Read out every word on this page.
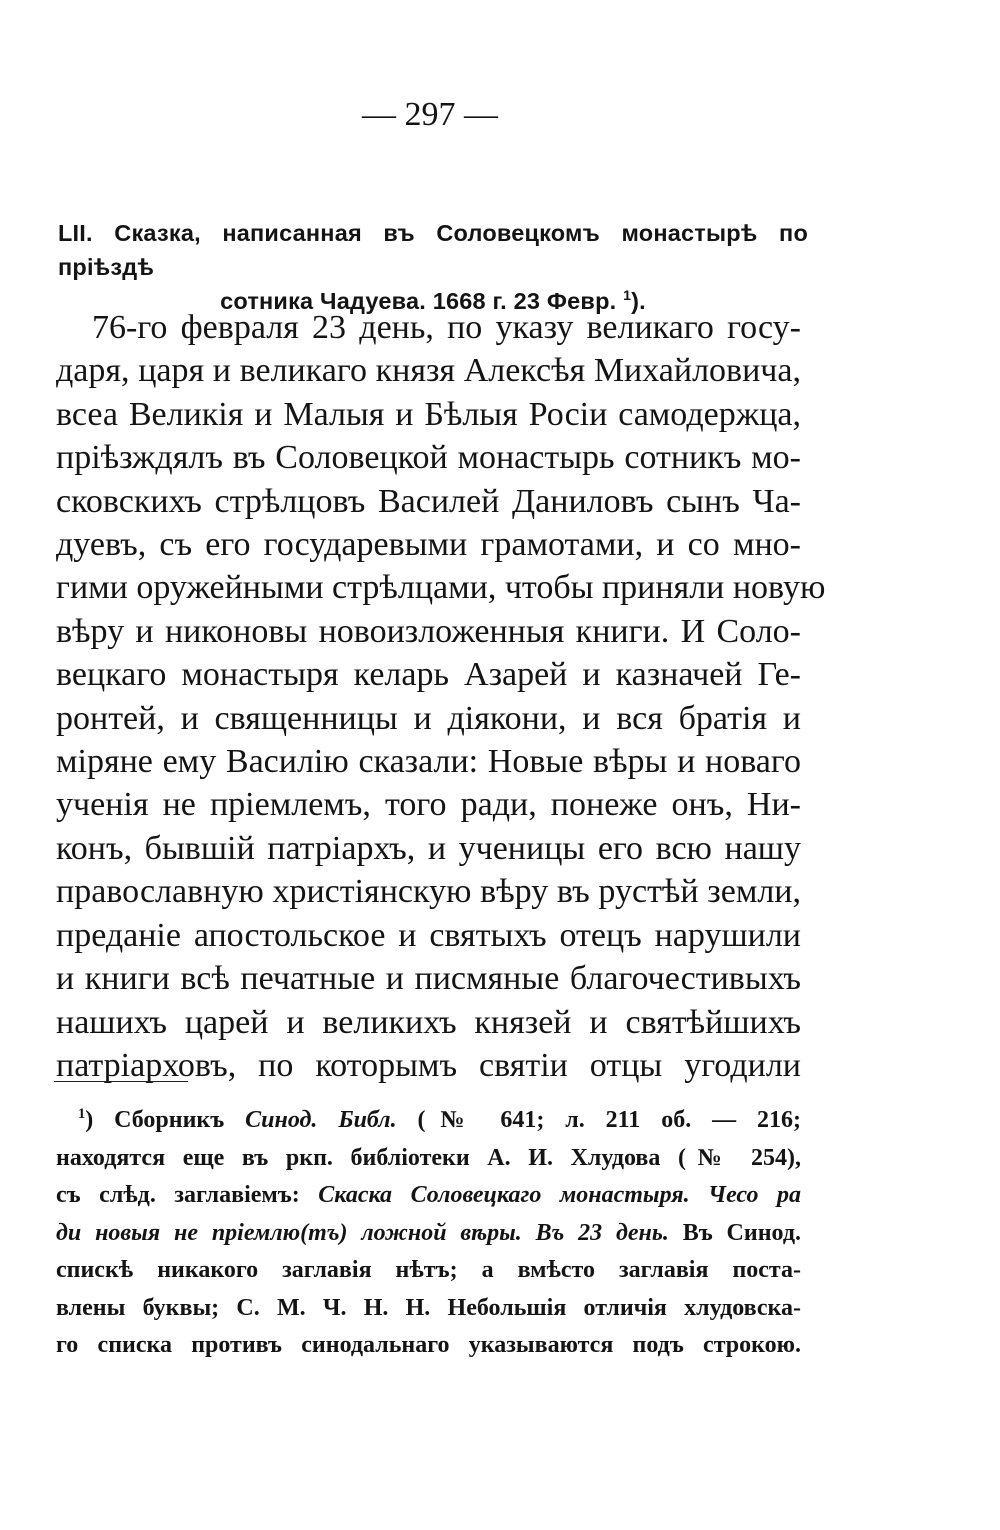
— 297 —
LII. Сказка, написанная въ Соловецкомъ монастырѣ по пріѣздѣ
сотника Чадуева. 1668 г. 23 Февр. $^1$).
76-го февраля 23 день, по указу великаго госу-
даря, царя и великаго князя Алексѣя Михайловича,
всеа Великія и Малыя и Бѣлыя Росіи самодержца,
пріѣзждялъ въ Соловецкой монастырь сотникъ мо-
сковскихъ стрѣлцовъ Василей Даниловъ сынъ Ча-
дуевъ, съ его государевыми грамотами, и со мно-
гими оружейными стрѣлцами, чтобы приняли новую
вѣру и никоновы новоизложенныя книги. И Соло-
вецкаго монастыря келарь Азарей и казначей Ге-
ронтей, и священницы и діякони, и вся братія и
міряне ему Василію сказали: Новые вѣры и новаго
ученія не пріемлемъ, того ради, понеже онъ, Ни-
конъ, бывшій патріархъ, и ученицы его всю нашу
православную христіянскую вѣру въ рустѣй земли,
преданіе апостольское и святыхъ отецъ нарушили
и книги всѣ печатные и писмяные благочестивыхъ
нашихъ царей и великихъ князей и святѣйшихъ
патріарховъ, по которымъ святіи отцы угодили
$^1$) Сборникъ Синод. Библ. (№ 641; л. 211 об. — 216;
находятся еще въ ркп. библіотеки А. И. Хлудова (№ 254),
съ слѣд. заглавіемъ: Скаска Соловецкаго монастыря. Чесо ра
ди новыя не пріемлю(тъ) ложной вѣры. Въ 23 день. Въ Синод.
спискѣ никакого заглавія нѣтъ; а вмѣсто заглавія поста-
влены буквы; С. М. Ч. Н. Н. Небольшія отличія хлудовска-
го списка противъ синодальнаго указываются подъ строкою.
